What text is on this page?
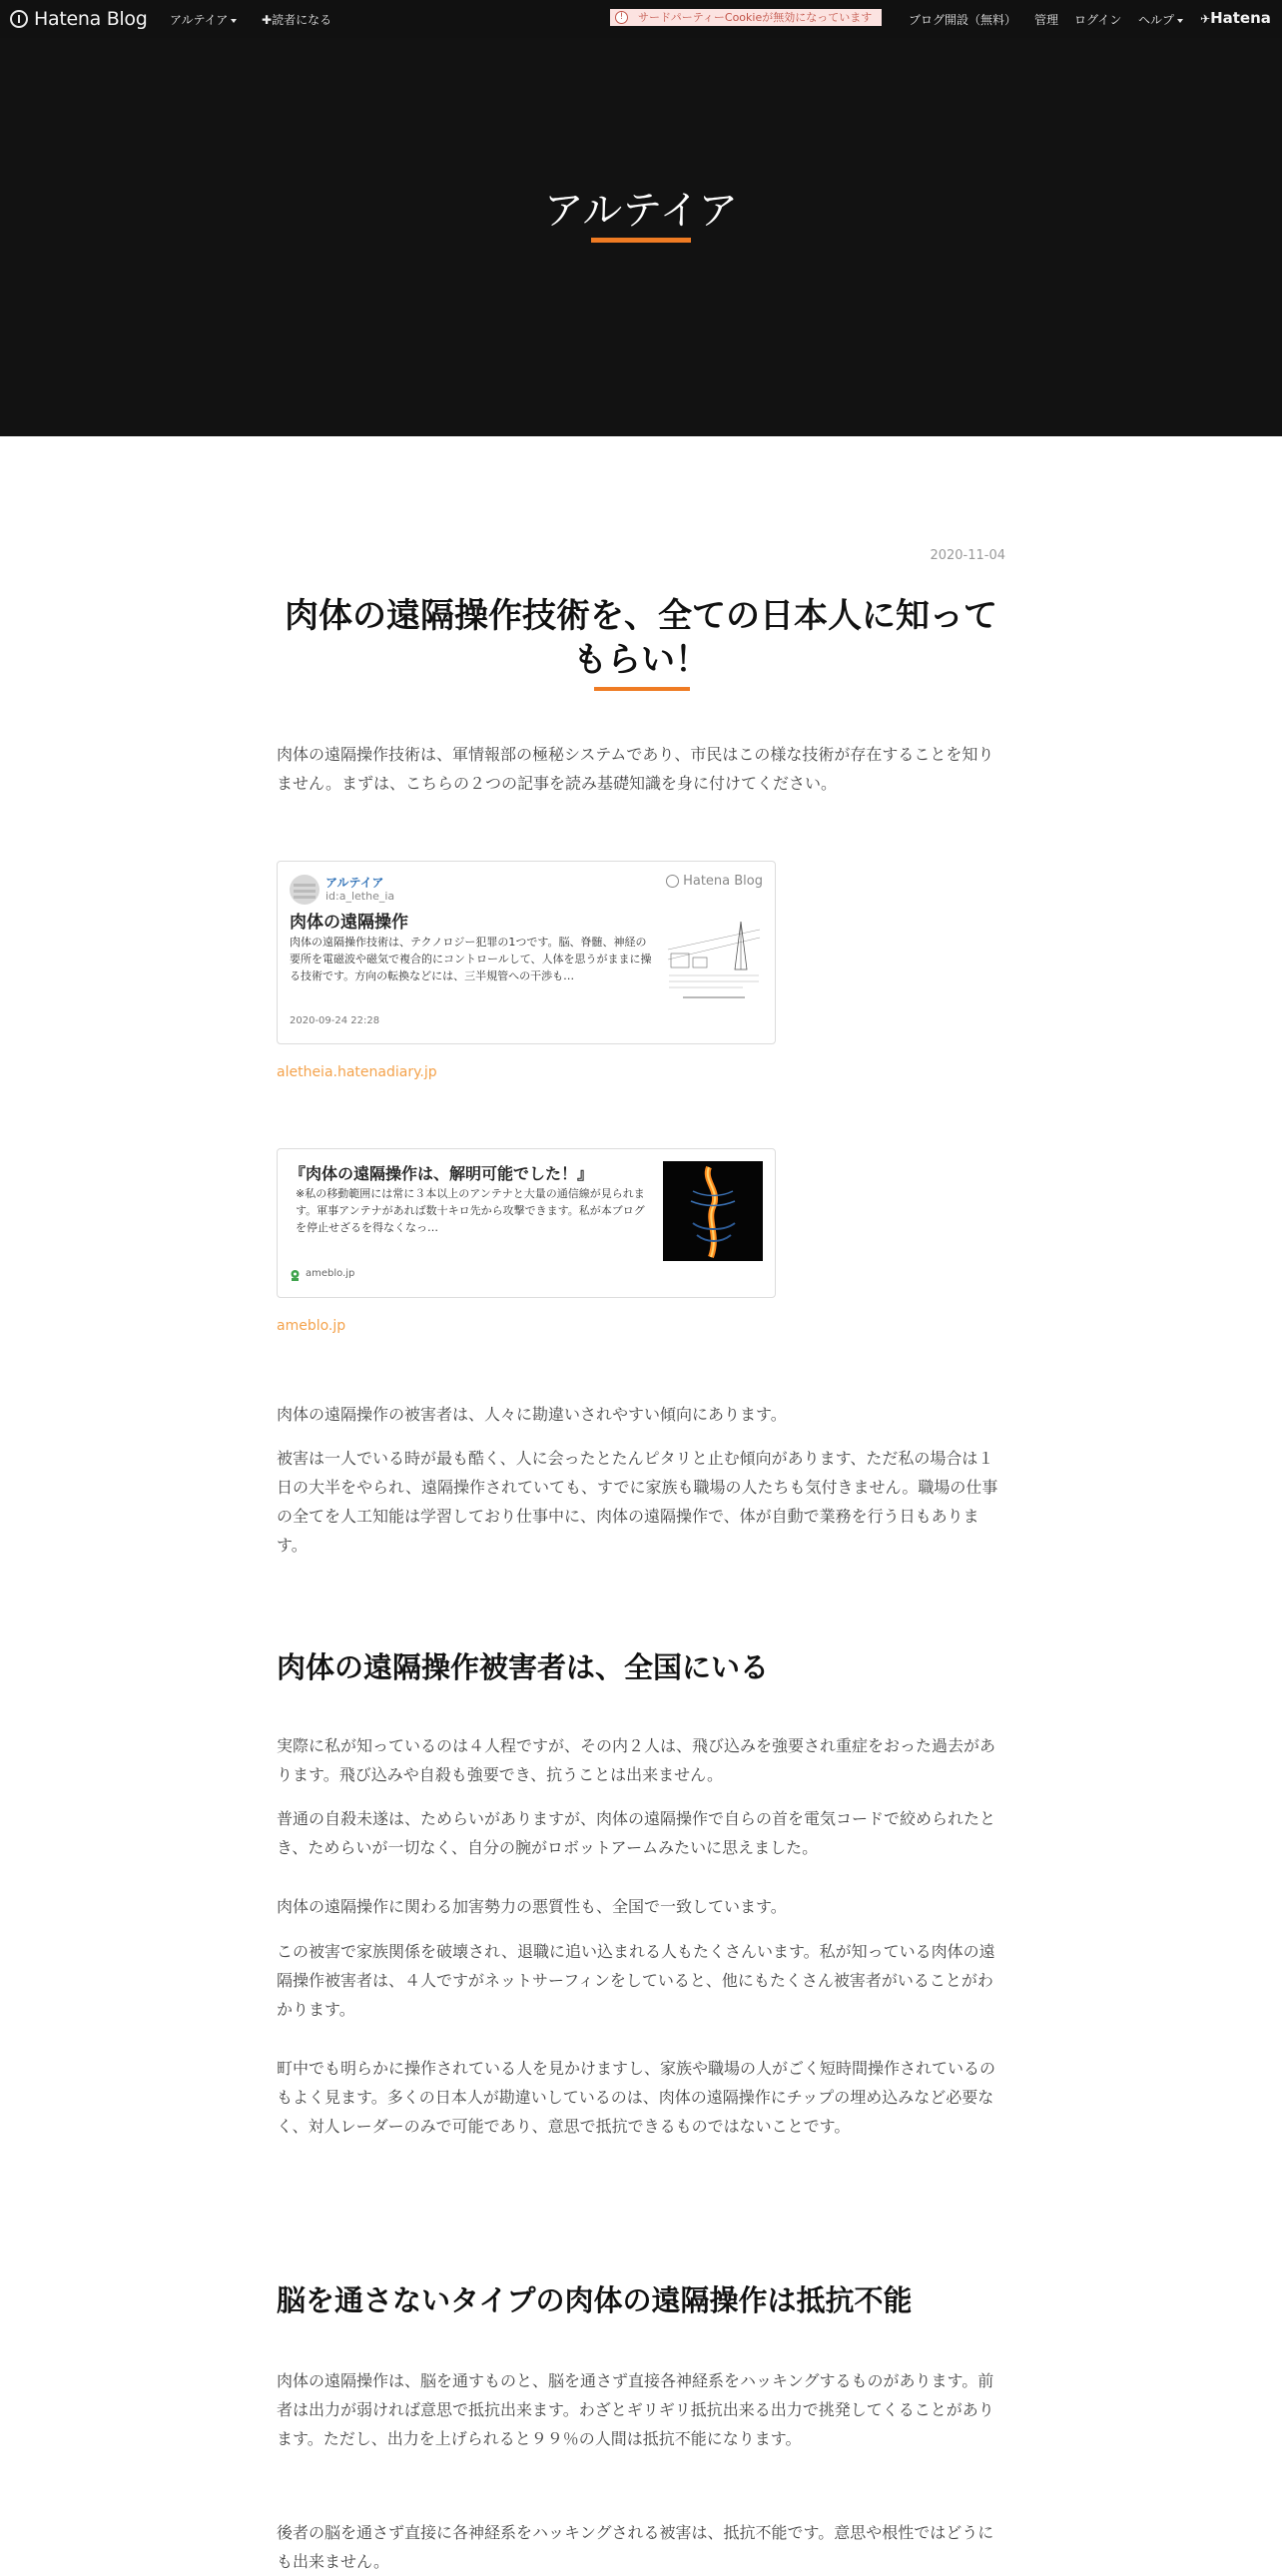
Hatena Blog アルテイア	✚読者になる	!	サードパーティーCookieが無効になっています	ブログ開設（無料） 管理 ログイン ヘルプ	✈Hatena
アルテイア
2020-11-04
肉体の遠隔操作技術を、全ての日本人に知ってもらい！
肉体の遠隔操作技術は、軍情報部の極秘システムであり、市民はこの様な技術が存在することを知りません。まずは、こちらの２つの記事を読み基礎知識を身に付けてください。
アルテイア
id:a_lethe_ia
Hatena Blog
肉体の遠隔操作
肉体の遠隔操作技術は、テクノロジー犯罪の1つです。脳、脊髄、神経の要所を電磁波や磁気で複合的にコントロールして、人体を思うがままに操る技術です。方向の転換などには、三半規管への干渉も…
2020-09-24 22:28
aletheia.hatenadiary.jp
『肉体の遠隔操作は、解明可能でした！』
※私の移動範囲には常に３本以上のアンテナと大量の通信線が見られます。軍事アンテナがあれば数十キロ先から攻撃できます。私が本ブログを停止せざるを得なくなっ…
ameblo.jp
ameblo.jp
肉体の遠隔操作の被害者は、人々に勘違いされやすい傾向にあります。
被害は一人でいる時が最も酷く、人に会ったとたんピタリと止む傾向があります、ただ私の場合は１日の大半をやられ、遠隔操作されていても、すでに家族も職場の人たちも気付きません。職場の仕事の全てを人工知能は学習しており仕事中に、肉体の遠隔操作で、体が自動で業務を行う日もあります。
肉体の遠隔操作被害者は、全国にいる
実際に私が知っているのは４人程ですが、その内２人は、飛び込みを強要され重症をおった過去があります。飛び込みや自殺も強要でき、抗うことは出来ません。
普通の自殺未遂は、ためらいがありますが、肉体の遠隔操作で自らの首を電気コードで絞められたとき、ためらいが一切なく、自分の腕がロボットアームみたいに思えました。
肉体の遠隔操作に関わる加害勢力の悪質性も、全国で一致しています。
この被害で家族関係を破壊され、退職に追い込まれる人もたくさんいます。私が知っている肉体の遠隔操作被害者は、４人ですがネットサーフィンをしていると、他にもたくさん被害者がいることがわかります。
町中でも明らかに操作されている人を見かけますし、家族や職場の人がごく短時間操作されているのもよく見ます。多くの日本人が勘違いしているのは、肉体の遠隔操作にチップの埋め込みなど必要なく、対人レーダーのみで可能であり、意思で抵抗できるものではないことです。
脳を通さないタイプの肉体の遠隔操作は抵抗不能
肉体の遠隔操作は、脳を通すものと、脳を通さず直接各神経系をハッキングするものがあります。前者は出力が弱ければ意思で抵抗出来ます。わざとギリギリ抵抗出来る出力で挑発してくることがあります。ただし、出力を上げられると９９％の人間は抵抗不能になります。
後者の脳を通さず直接に各神経系をハッキングされる被害は、抵抗不能です。意思や根性ではどうにも出来ません。
